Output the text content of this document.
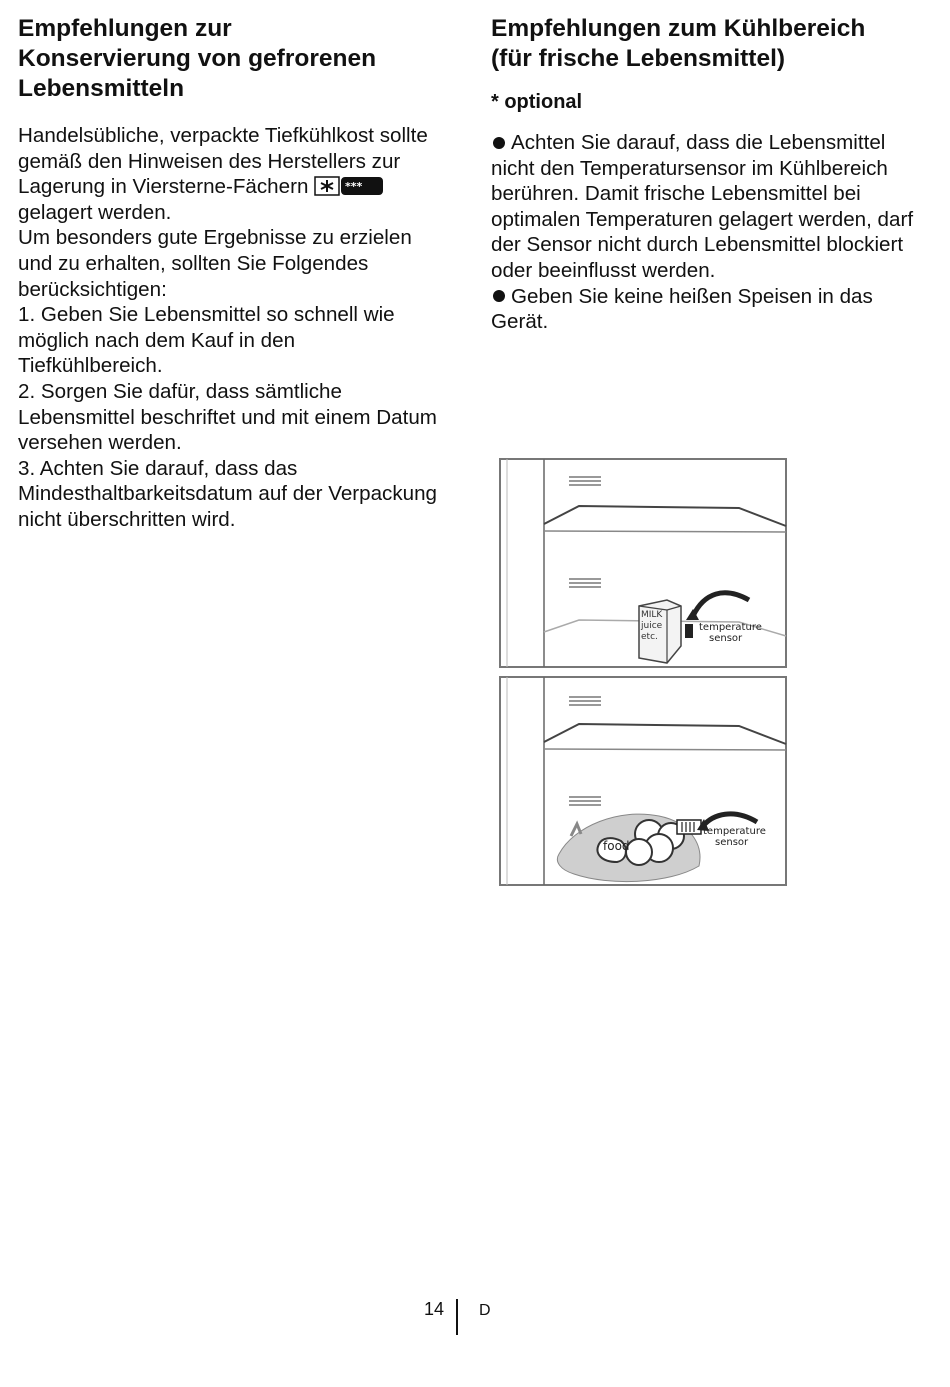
Empfehlungen zur
Konservierung von gefrorenen
Lebensmitteln

Handelsübliche, verpackte Tiefkühlkost sollte gemäß den Hinweisen des Herstellers zur Lagerung in Viersterne-Fächern	***
gelagert werden.

Um besonders gute Ergebnisse zu erzielen und zu erhalten, sollten Sie Folgendes berücksichtigen:

1. Geben Sie Lebensmittel so schnell wie möglich nach dem Kauf in den Tiefkühlbereich.

2. Sorgen Sie dafür, dass sämtliche Lebensmittel beschriftet und mit einem Datum versehen werden.

3. Achten Sie darauf, dass das Mindesthaltbarkeitsdatum auf der Verpackung nicht überschritten wird.

Empfehlungen zum Kühlbereich
(für frische Lebensmittel)
* optional

Achten Sie darauf, dass die Lebensmittel nicht den Temperatursensor im Kühlbereich berühren. Damit frische Lebensmittel bei optimalen Temperaturen gelagert werden, darf der Sensor nicht durch Lebensmittel blockiert oder beeinflusst werden.

Geben Sie keine heißen Speisen in das Gerät.

MILK
juice
etc.
temperature
sensor
food
temperature
sensor
14 D
